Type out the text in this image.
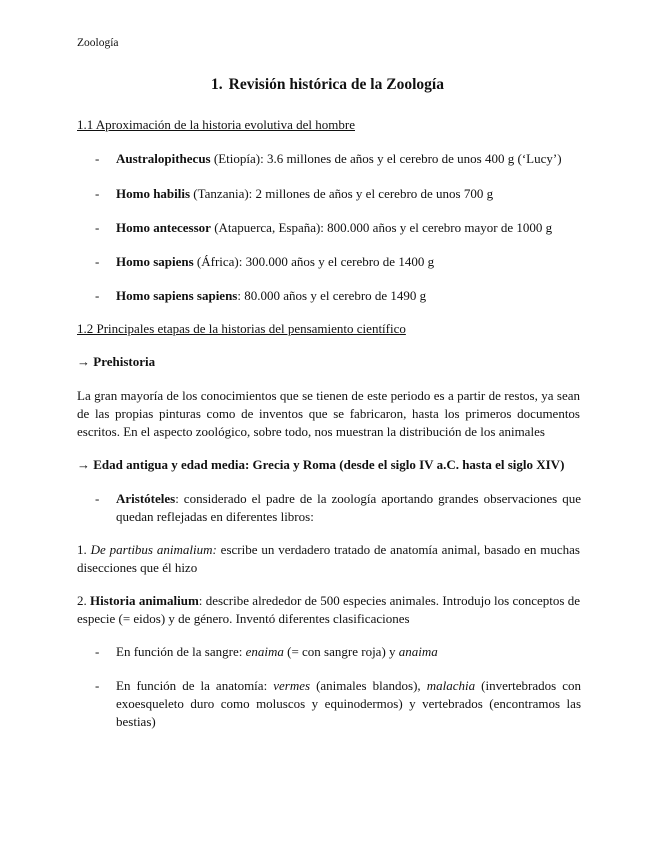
Zoología
1. Revisión histórica de la Zoología
1.1 Aproximación de la historia evolutiva del hombre
- Australopithecus (Etiopía): 3.6 millones de años y el cerebro de unos 400 g (‘Lucy’)
- Homo habilis (Tanzania): 2 millones de años y el cerebro de unos 700 g
- Homo antecessor (Atapuerca, España): 800.000 años y el cerebro mayor de 1000 g
- Homo sapiens (África): 300.000 años y el cerebro de 1400 g
- Homo sapiens sapiens: 80.000 años y el cerebro de 1490 g
1.2 Principales etapas de la historias del pensamiento científico
→ Prehistoria
La gran mayoría de los conocimientos que se tienen de este periodo es a partir de restos, ya sean de las propias pinturas como de inventos que se fabricaron, hasta los primeros documentos escritos. En el aspecto zoológico, sobre todo, nos muestran la distribución de los animales
→ Edad antigua y edad media: Grecia y Roma (desde el siglo IV a.C. hasta el siglo XIV)
- Aristóteles: considerado el padre de la zoología aportando grandes observaciones que quedan reflejadas en diferentes libros:
1. De partibus animalium: escribe un verdadero tratado de anatomía animal, basado en muchas disecciones que él hizo
2. Historia animalium: describe alrededor de 500 especies animales. Introdujo los conceptos de especie (= eidos) y de género. Inventó diferentes clasificaciones
- En función de la sangre: enaima (= con sangre roja) y anaima
- En función de la anatomía: vermes (animales blandos), malachia (invertebrados con exoesqueleto duro como moluscos y equinodermos) y vertebrados (encontramos las bestias)
